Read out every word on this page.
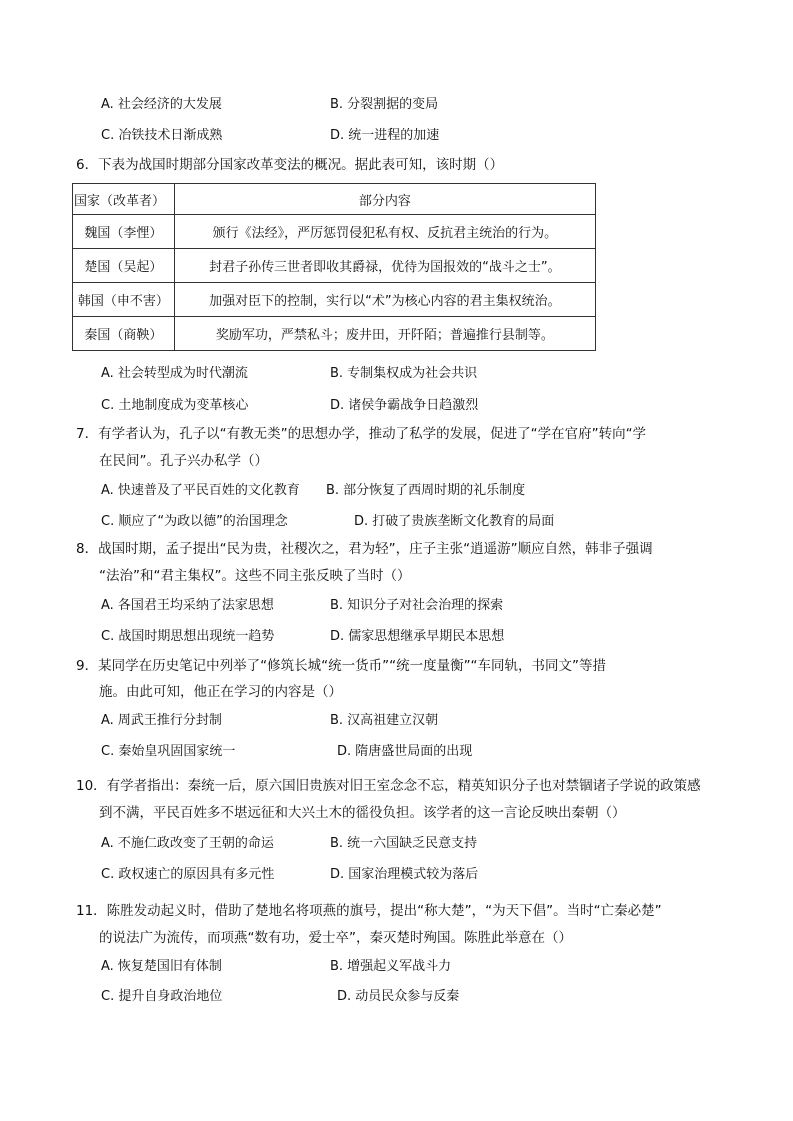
A. 社会经济的大发展	B. 分裂割据的变局
C. 冶铁技术日渐成熟	D. 统一进程的加速
6．下表为战国时期部分国家改革变法的概况。据此表可知，该时期（）
国家（改革者）	部分内容
魏国（李悝）	颁行《法经》，严厉惩罚侵犯私有权、反抗君主统治的行为。
楚国（吴起）	封君子孙传三世者即收其爵禄，优待为国报效的“战斗之士”。
韩国（申不害）	加强对臣下的控制，实行以“术”为核心内容的君主集权统治。
秦国（商鞅）	奖励军功，严禁私斗；废井田，开阡陌；普遍推行县制等。
A. 社会转型成为时代潮流	B. 专制集权成为社会共识
C. 土地制度成为变革核心	D. 诸侯争霸战争日趋激烈
7．有学者认为，孔子以“有教无类”的思想办学，推动了私学的发展，促进了“学在官府”转向“学
在民间”。孔子兴办私学（）
A. 快速普及了平民百姓的文化教育 B. 部分恢复了西周时期的礼乐制度
C. 顺应了“为政以德”的治国理念	D. 打破了贵族垄断文化教育的局面
8．战国时期，孟子提出“民为贵，社稷次之，君为轻”，庄子主张“逍遥游”顺应自然，韩非子强调
“法治”和“君主集权”。这些不同主张反映了当时（）
A. 各国君王均采纳了法家思想	B. 知识分子对社会治理的探索
C. 战国时期思想出现统一趋势	D. 儒家思想继承早期民本思想
9．某同学在历史笔记中列举了“修筑长城“统一货币”“统一度量衡”“车同轨，书同文”等措
施。由此可知，他正在学习的内容是（）
A. 周武王推行分封制	B. 汉高祖建立汉朝
C. 秦始皇巩固国家统一	D. 隋唐盛世局面的出现
10．有学者指出：秦统一后，原六国旧贵族对旧王室念念不忘，精英知识分子也对禁锢诸子学说的政策感
到不满，平民百姓多不堪远征和大兴土木的徭役负担。该学者的这一言论反映出秦朝（）
A. 不施仁政改变了王朝的命运	B. 统一六国缺乏民意支持
C. 政权速亡的原因具有多元性	D. 国家治理模式较为落后
11．陈胜发动起义时，借助了楚地名将项燕的旗号，提出“称大楚”，“为天下倡”。当时“亡秦必楚”
的说法广为流传，而项燕“数有功，爱士卒”，秦灭楚时殉国。陈胜此举意在（）
A. 恢复楚国旧有体制	B. 增强起义军战斗力
C. 提升自身政治地位	D. 动员民众参与反秦
